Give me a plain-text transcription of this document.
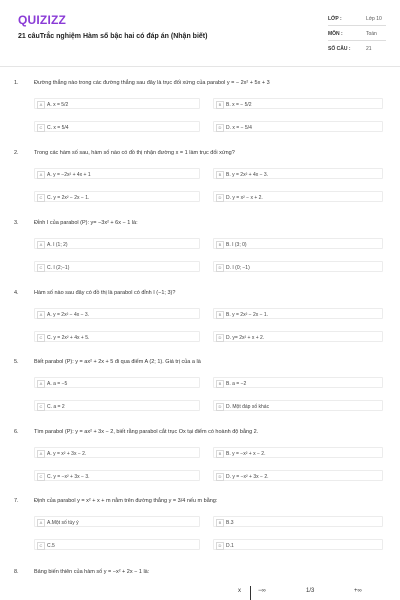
QUIZIZZ
21 câuTrắc nghiệm Hàm số bậc hai có đáp án (Nhận biết)
LỚP :	Lớp 10
MÔN :	Toán
SỐ CÂU :	21
1.	Đường thẳng nào trong các đường thẳng sau đây là trục đối xứng của parabol y = − 2x² + 5x + 3
A A. x = 5/2	B B. x = − 5/2
C C. x = 5/4	D D. x = − 5/4
2.	Trong các hàm số sau, hàm số nào có đồ thị nhận đường x = 1 làm trục đối xứng?
A A. y = −2x² + 4x + 1	B B. y = 2x² + 4x − 3.
C C. y = 2x² − 2x − 1.	D D. y = x² − x + 2.
3.	Đỉnh I của parabol (P): y= −3x² + 6x − 1 là:
A A. I (1; 2)	B B. I (3; 0)
C C. I (2;−1)	D D. I (0; −1)
4.	Hàm số nào sau đây có đồ thị là parabol có đỉnh I (−1; 3)?
A A. y = 2x² − 4x − 3.	B B. y = 2x² − 2x − 1.
C C. y = 2x² + 4x + 5.	D D. y= 2x² + x + 2.
5.	Biết parabol (P): y = ax² + 2x + 5 đi qua điểm A (2; 1). Giá trị của a là
A A. a = −5	B B. a = −2
C C. a = 2	D D. Một đáp số khác
6.	Tìm parabol (P): y = ax² + 3x − 2, biết rằng parabol cắt trục Ox tại điểm có hoành độ bằng 2.
A A. y = x² + 3x − 2.	B B. y = −x² + x − 2.
C C. y = −x² + 3x − 3.	D D. y = −x² + 3x − 2.
7.	Định của parabol y = x² + x + m nằm trên đường thẳng y = 3/4 nếu m bằng:
A A.Một số tùy ý	B B.3
C C.5	D D.1
8.	Bảng biến thiên của hàm số y = −x² + 2x − 1 là:
x	−∞	1/3	+∞
